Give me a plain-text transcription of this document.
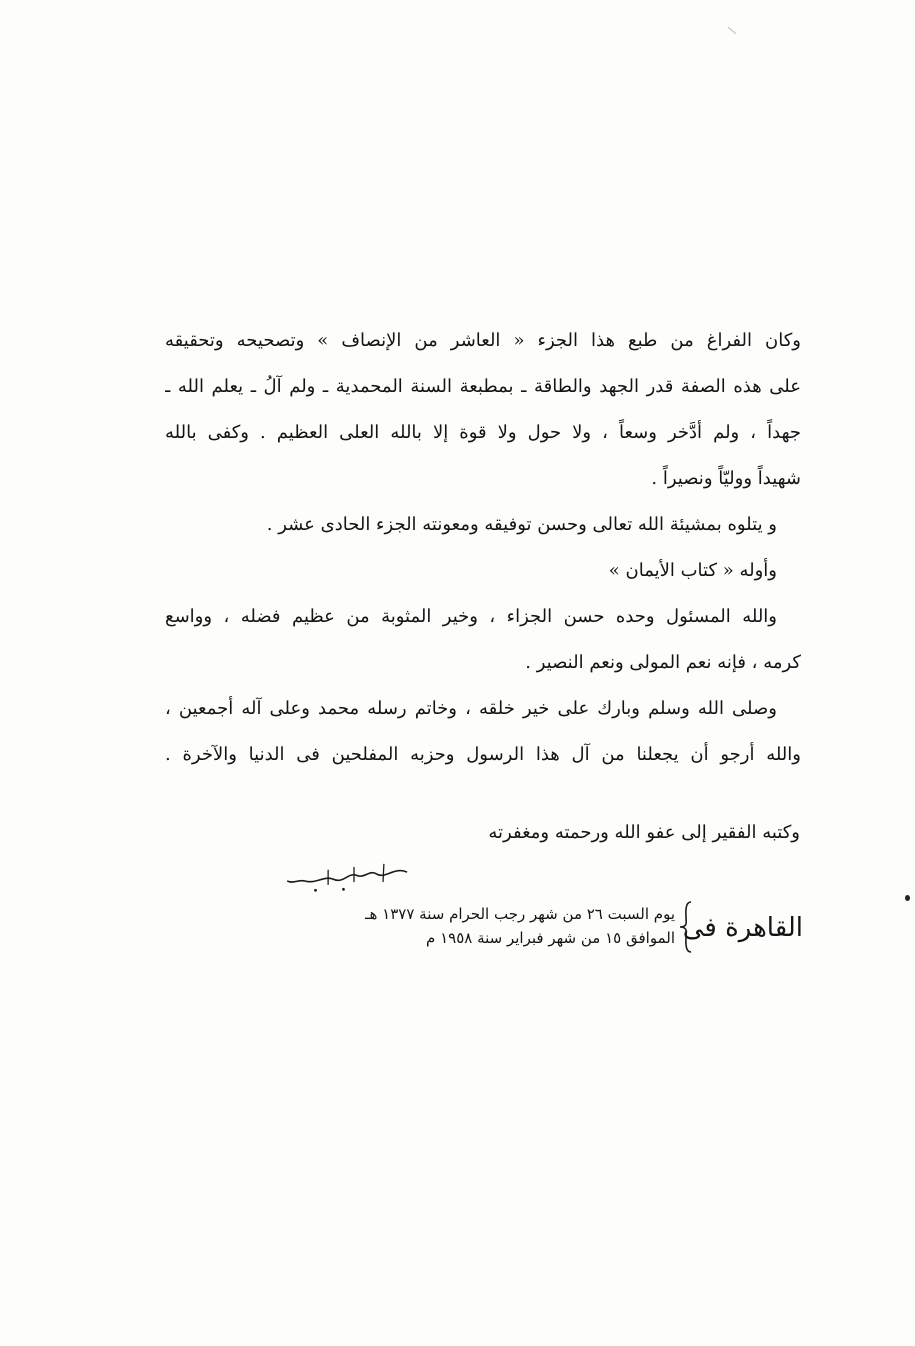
وكان الفراغ من طبع هذا الجزء « العاشر من الإنصاف » وتصحيحه وتحقيقه
على هذه الصفة قدر الجهد والطاقة ـ بمطبعة السنة المحمدية ـ ولم آلُ ـ يعلم الله ـ
جهداً ، ولم أدَّخر وسعاً ، ولا حول ولا قوة إلا بالله العلى العظيم . وكفى بالله
شهيداً ووليّاً ونصيراً .

و يتلوه بمشيئة الله تعالى وحسن توفيقه ومعونته الجزء الحادى عشر .

وأوله « كتاب الأيمان »

والله المسئول وحده حسن الجزاء ، وخير المثوبة من عظيم فضله ، وواسع
كرمه ، فإنه نعم المولى ونعم النصير .

وصلى الله وسلم وبارك على خير خلقه ، وخاتم رسله محمد وعلى آله أجمعين ،
والله أرجو أن يجعلنا من آل هذا الرسول وحزبه المفلحين فى الدنيا والآخرة .

وكتبه الفقير إلى عفو الله ورحمته ومغفرته
القاهرة فى
يوم السبت ٢٦ من شهر رجب الحرام سنة ١٣٧٧ هـ
الموافق ١٥ من شهر فبراير سنة ١٩٥٨ م
